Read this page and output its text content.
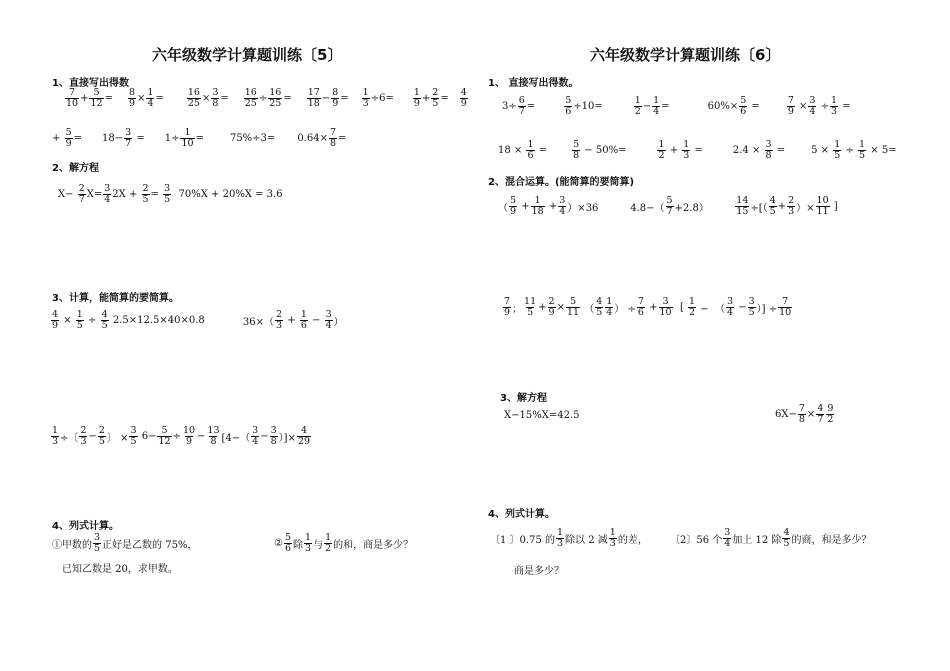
六年级数学计算题训练〔5〕
1、直接写出得数
$\frac{7}{10} + \frac{5}{12} = \frac{8}{9} \times \frac{1}{4} = \frac{16}{25} \times \frac{3}{8} = \frac{16}{25} \div \frac{16}{25} = \frac{17}{18} - \frac{8}{9} = \frac{1}{3} \div 6= \frac{1}{9} + \frac{2}{5} = \frac{4}{9}$
+ $\frac{5}{9} = 18- \frac{3}{7} = 1\div \frac{1}{10}$ =	$75\%\div 3= 0.64\times \frac{7}{8}$ =
2、解方程
$X- \frac{2}{7} X= \frac{3}{4} 2X + \frac{2}{5} = \frac{3}{5} 70\%X + 20\%X = 3.6$
3、计算，能简算的要简算。
$\frac{4}{9} \times \frac{1}{5} \div \frac{4}{5} 2.5\times 12.5\times 40\times 0.8$ $36\times( \frac{2}{3} + \frac{1}{6} - \frac{3}{4}$ ）
$\frac{1}{3}$ ÷〔 $\frac{2}{3} - \frac{2}{5}$ 〕 × $\frac{3}{5} 6- \frac{5}{12} \div \frac{10}{9} - \frac{13}{8} [4-( \frac{3}{4} - \frac{3}{8}$ ）]× $\frac{4}{29}$
4、列式计算。
①甲数的 $\frac{3}{5}$ 正好是乙数的 75%，
已知乙数是 20，求甲数。
② $\frac{5}{6}$ 除 $\frac{1}{3}$ 与 $\frac{1}{2}$ 的和，商是多少？
六年级数学计算题训练〔6〕
1、 直接写出得数。
$3\div \frac{6}{7}$ =	$\frac{5}{6} \div 10=$	$\frac{1}{2} - \frac{1}{4}$ =	$60\%\times \frac{5}{6}$ =	$\frac{7}{9} \times \frac{3}{4} \div \frac{1}{3}$ =
$18 \times \frac{1}{6}$ =	$\frac{5}{8} - 50\%=$	$\frac{1}{2} + \frac{1}{3}$ =	$2.4 \times \frac{3}{8}$ =	$5 \times \frac{1}{5} \div \frac{1}{5} \times 5=$
2、混合运算。(能简算的要简算)
（ $\frac{5}{9} + \frac{1}{18} + \frac{3}{4} )\times 36$ $4.8-( \frac{5}{7} +2.8)$
	$\frac{14}{15}$ ÷[（ $\frac{4}{5} + \frac{2}{3}$ ）× $\frac{10}{11}$ ]
$\frac{7}{9}$ ； $\frac{11}{5} + \frac{2}{9} \times \frac{5}{11}$ （ $\frac{4}{5} \frac{1}{4}$ ） ÷ $\frac{7}{6} + \frac{3}{10}$ [ $\frac{1}{2}$ −  （ $\frac{3}{4} - \frac{3}{5}$ ）] ÷ $\frac{7}{10}$
3、解方程
X−15%X=42.5	$6X- \frac{7}{8} \times \frac{4}{7} \frac{9}{2}$
4、列式计算。
〔1 〕0.75 的 $\frac{1}{3}$ 除以 2 减 $\frac{1}{3}$ 的差， 〔2〕56 个 $\frac{3}{4}$ 加上 12 除 $\frac{4}{5}$ 的商，和是多少？
商是多少？
